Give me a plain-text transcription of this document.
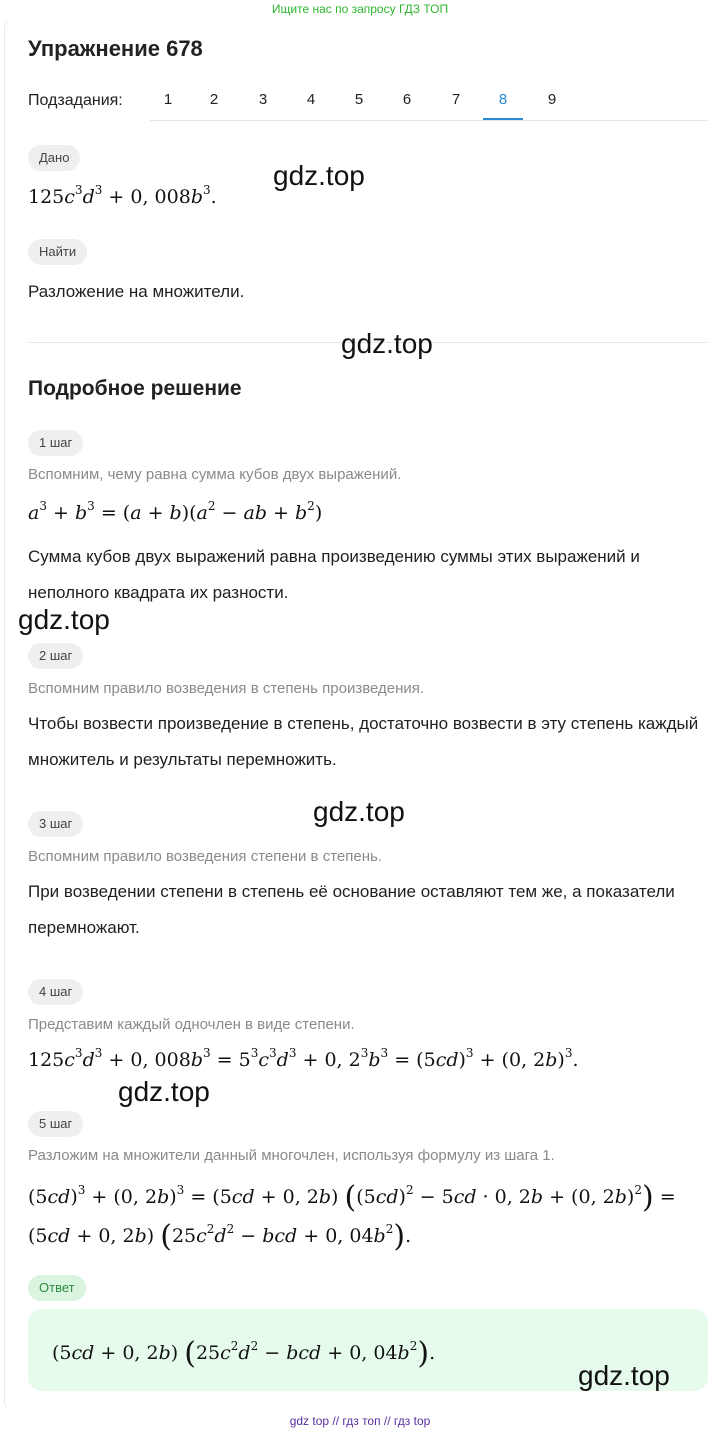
Ищите нас по запросу ГДЗ ТОП
Упражнение 678
Подзадания:	1	2	3	4	5	6	7	8	9
Дано
$125c^3d^3 + 0$, $008b^3$.
Найти
Разложение на множители.
Подробное решение
1 шаг
Вспомним, чему равна сумма кубов двух выражений.
$a^3 + b^3 = (a + b)(a^2$ − ab + $b^2$)
Сумма кубов двух выражений равна произведению суммы этих выражений и неполного квадрата их разности.
2 шаг
Вспомним правило возведения в степень произведения.
Чтобы возвести произведение в степень, достаточно возвести в эту степень каждый множитель и результаты перемножить.
3 шаг
Вспомним правило возведения степени в степень.
При возведении степени в степень её основание оставляют тем же, а показатели перемножают.
4 шаг
Представим каждый одночлен в виде степени.
$125c^3d^3 + 0$, $008b^3 = 5^3c^3d^3 + 0$, $2^3b^3 = (5cd)^3 + (0$, 2b)$^3$.
5 шаг
Разложим на множители данный многочлен, используя формулу из шага 1.
$(5cd)^3 + (0$, 2b)$^3$ = (5cd + 0, 2b) ($(5cd)^2 - 5cd \cdot 0$, 2b + (0, 2b)$^2$) =
(5cd + 0, 2b) ($25c^2d^2$ − bcd + 0, $04b^2$).
Ответ
(5cd + 0, 2b) ($25c^2d^2$ − bcd + 0, $04b^2$).
gdz.top
gdz.top
gdz.top
gdz.top
gdz.top
gdz.top
gdz top // гдз топ // гдз top
